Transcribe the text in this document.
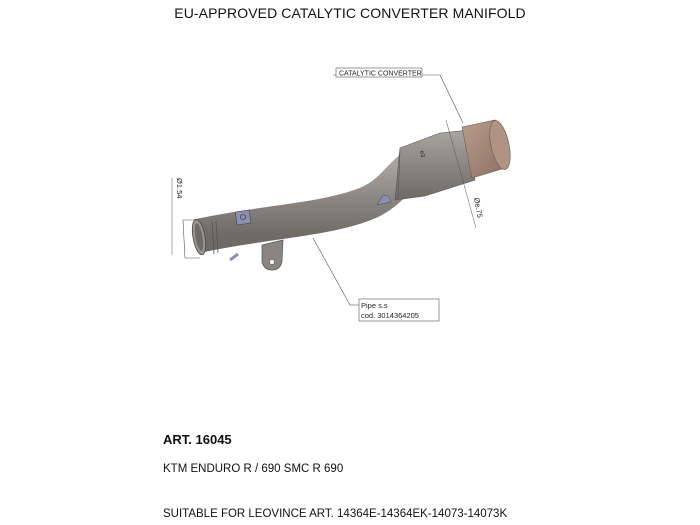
EU-APPROVED CATALYTIC CONVERTER MANIFOLD
e3
CATALYTIC CONVERTER
Pipe s.s
cod. 3014364205
Ø1.54
Øe.75
ART. 16045
KTM ENDURO R / 690 SMC R 690
SUITABLE FOR LEOVINCE ART. 14364E-14364EK-14073-14073K
